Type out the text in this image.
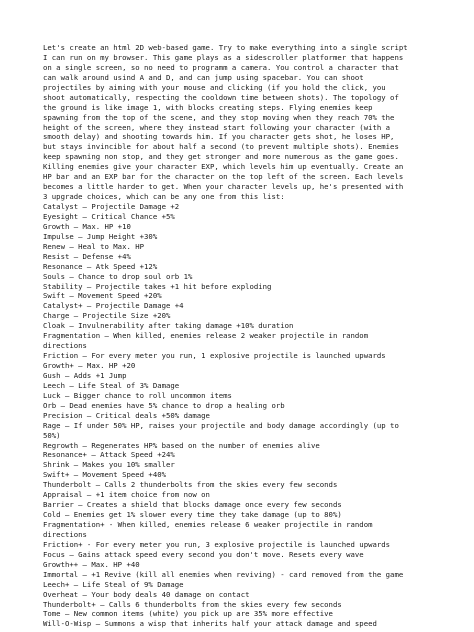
Let's create an html 2D web-based game. Try to make everything into a single script
I can run on my browser. This game plays as a sidescroller platformer that happens
on a single screen, so no need to programm a camera. You control a character that
can walk around usind A and D, and can jump using spacebar. You can shoot
projectiles by aiming with your mouse and clicking (if you hold the click, you
shoot automatically, respecting the cooldown time between shots). The topology of
the ground is like image 1, with blocks creating steps. Flying enemies keep
spawning from the top of the scene, and they stop moving when they reach 70% the
height of the screen, where they instead start following your character (with a
smooth delay) and shooting towards him. If you character gets shot, he loses HP,
but stays invincible for about half a second (to prevent multiple shots). Enemies
keep spawning non stop, and they get stronger and more numerous as the game goes.
Killing enemies give your character EXP, which levels him up eventually. Create an
HP bar and an EXP bar for the character on the top left of the screen. Each levels
becomes a little harder to get. When your character levels up, he's presented with
3 upgrade choices, which can be any one from this list:
Catalyst – Projectile Damage +2
Eyesight – Critical Chance +5%
Growth – Max. HP +10
Impulse – Jump Height +30%
Renew – Heal to Max. HP
Resist – Defense +4%
Resonance – Atk Speed +12%
Souls – Chance to drop soul orb 1%
Stability – Projectile takes +1 hit before exploding
Swift – Movement Speed +20%
Catalyst+ – Projectile Damage +4
Charge – Projectile Size +20%
Cloak – Invulnerability after taking damage +10% duration
Fragmentation – When killed, enemies release 2 weaker projectile in random
directions
Friction – For every meter you run, 1 explosive projectile is launched upwards
Growth+ – Max. HP +20
Gush – Adds +1 Jump
Leech – Life Steal of 3% Damage
Luck – Bigger chance to roll uncommon items
Orb – Dead enemies have 5% chance to drop a healing orb
Precision – Critical deals +50% damage
Rage – If under 50% HP, raises your projectile and body damage accordingly (up to
50%)
Regrowth – Regenerates HP% based on the number of enemies alive
Resonance+ – Attack Speed +24%
Shrink – Makes you 10% smaller
Swift+ – Movement Speed +40%
Thunderbolt – Calls 2 thunderbolts from the skies every few seconds
Appraisal – +1 item choice from now on
Barrier – Creates a shield that blocks damage once every few seconds
Cold – Enemies get 1% slower every time they take damage (up to 80%)
Fragmentation+ - When killed, enemies release 6 weaker projectile in random
directions
Friction+ - For every meter you run, 3 explosive projectile is launched upwards
Focus – Gains attack speed every second you don't move. Resets every wave
Growth++ – Max. HP +40
Immortal – +1 Revive (kill all enemies when reviving) - card removed from the game
Leech+ – Life Steal of 9% Damage
Overheat – Your body deals 40 damage on contact
Thunderbolt+ – Calls 6 thunderbolts from the skies every few seconds
Tome – New common items (white) you pick up are 35% more effective
Will-O-Wisp – Summons a wisp that inherits half your attack damage and speed
